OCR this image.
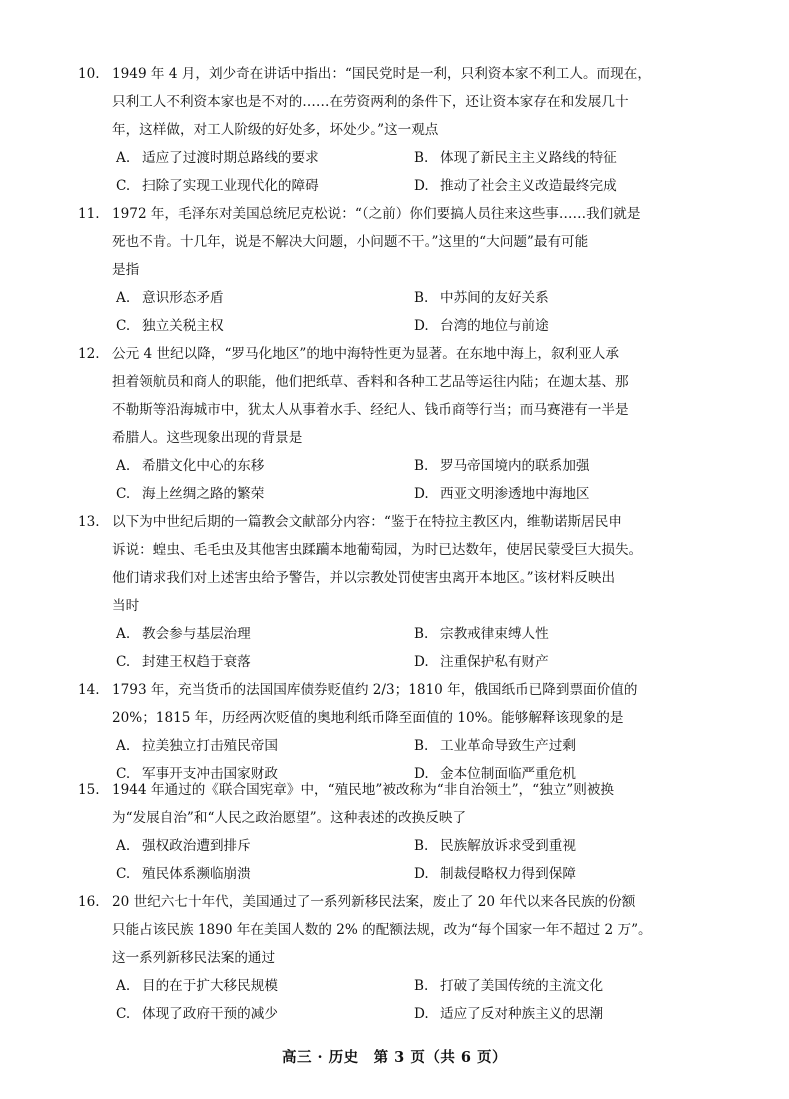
10. 1949 年 4 月，刘少奇在讲话中指出：“国民党时是一利，只利资本家不利工人。而现在，
只利工人不利资本家也是不对的……在劳资两利的条件下，还让资本家存在和发展几十
年，这样做，对工人阶级的好处多，坏处少。”这一观点
A. 适应了过渡时期总路线的要求	B. 体现了新民主主义路线的特征
C. 扫除了实现工业现代化的障碍	D. 推动了社会主义改造最终完成
11. 1972 年，毛泽东对美国总统尼克松说：“（之前）你们要搞人员往来这些事……我们就是
死也不肯。十几年，说是不解决大问题，小问题不干。”这里的“大问题”最有可能
是指
A. 意识形态矛盾	B. 中苏间的友好关系
C. 独立关税主权	D. 台湾的地位与前途
12. 公元 4 世纪以降，“罗马化地区”的地中海特性更为显著。在东地中海上，叙利亚人承
担着领航员和商人的职能，他们把纸草、香料和各种工艺品等运往内陆；在迦太基、那
不勒斯等沿海城市中，犹太人从事着水手、经纪人、钱币商等行当；而马赛港有一半是
希腊人。这些现象出现的背景是
A. 希腊文化中心的东移	B. 罗马帝国境内的联系加强
C. 海上丝绸之路的繁荣	D. 西亚文明渗透地中海地区
13. 以下为中世纪后期的一篇教会文献部分内容：“鉴于在特拉主教区内，维勒诺斯居民申
诉说：蝗虫、毛毛虫及其他害虫蹂躏本地葡萄园，为时已达数年，使居民蒙受巨大损失。
他们请求我们对上述害虫给予警告，并以宗教处罚使害虫离开本地区。”该材料反映出
当时
A. 教会参与基层治理	B. 宗教戒律束缚人性
C. 封建王权趋于衰落	D. 注重保护私有财产
14. 1793 年，充当货币的法国国库债券贬值约 2/3；1810 年，俄国纸币已降到票面价值的
20%；1815 年，历经两次贬值的奥地利纸币降至面值的 10%。能够解释该现象的是
A. 拉美独立打击殖民帝国	B. 工业革命导致生产过剩
C. 军事开支冲击国家财政	D. 金本位制面临严重危机
15. 1944 年通过的《联合国宪章》中，“殖民地”被改称为“非自治领土”，“独立”则被换
为“发展自治”和“人民之政治愿望”。这种表述的改换反映了
A. 强权政治遭到排斥	B. 民族解放诉求受到重视
C. 殖民体系濒临崩溃	D. 制裁侵略权力得到保障
16. 20 世纪六七十年代，美国通过了一系列新移民法案，废止了 20 年代以来各民族的份额
只能占该民族 1890 年在美国人数的 2% 的配额法规，改为“每个国家一年不超过 2 万”。
这一系列新移民法案的通过
A. 目的在于扩大移民规模	B. 打破了美国传统的主流文化
C. 体现了政府干预的减少	D. 适应了反对种族主义的思潮
高三 · 历史　第 3 页（共 6 页）
